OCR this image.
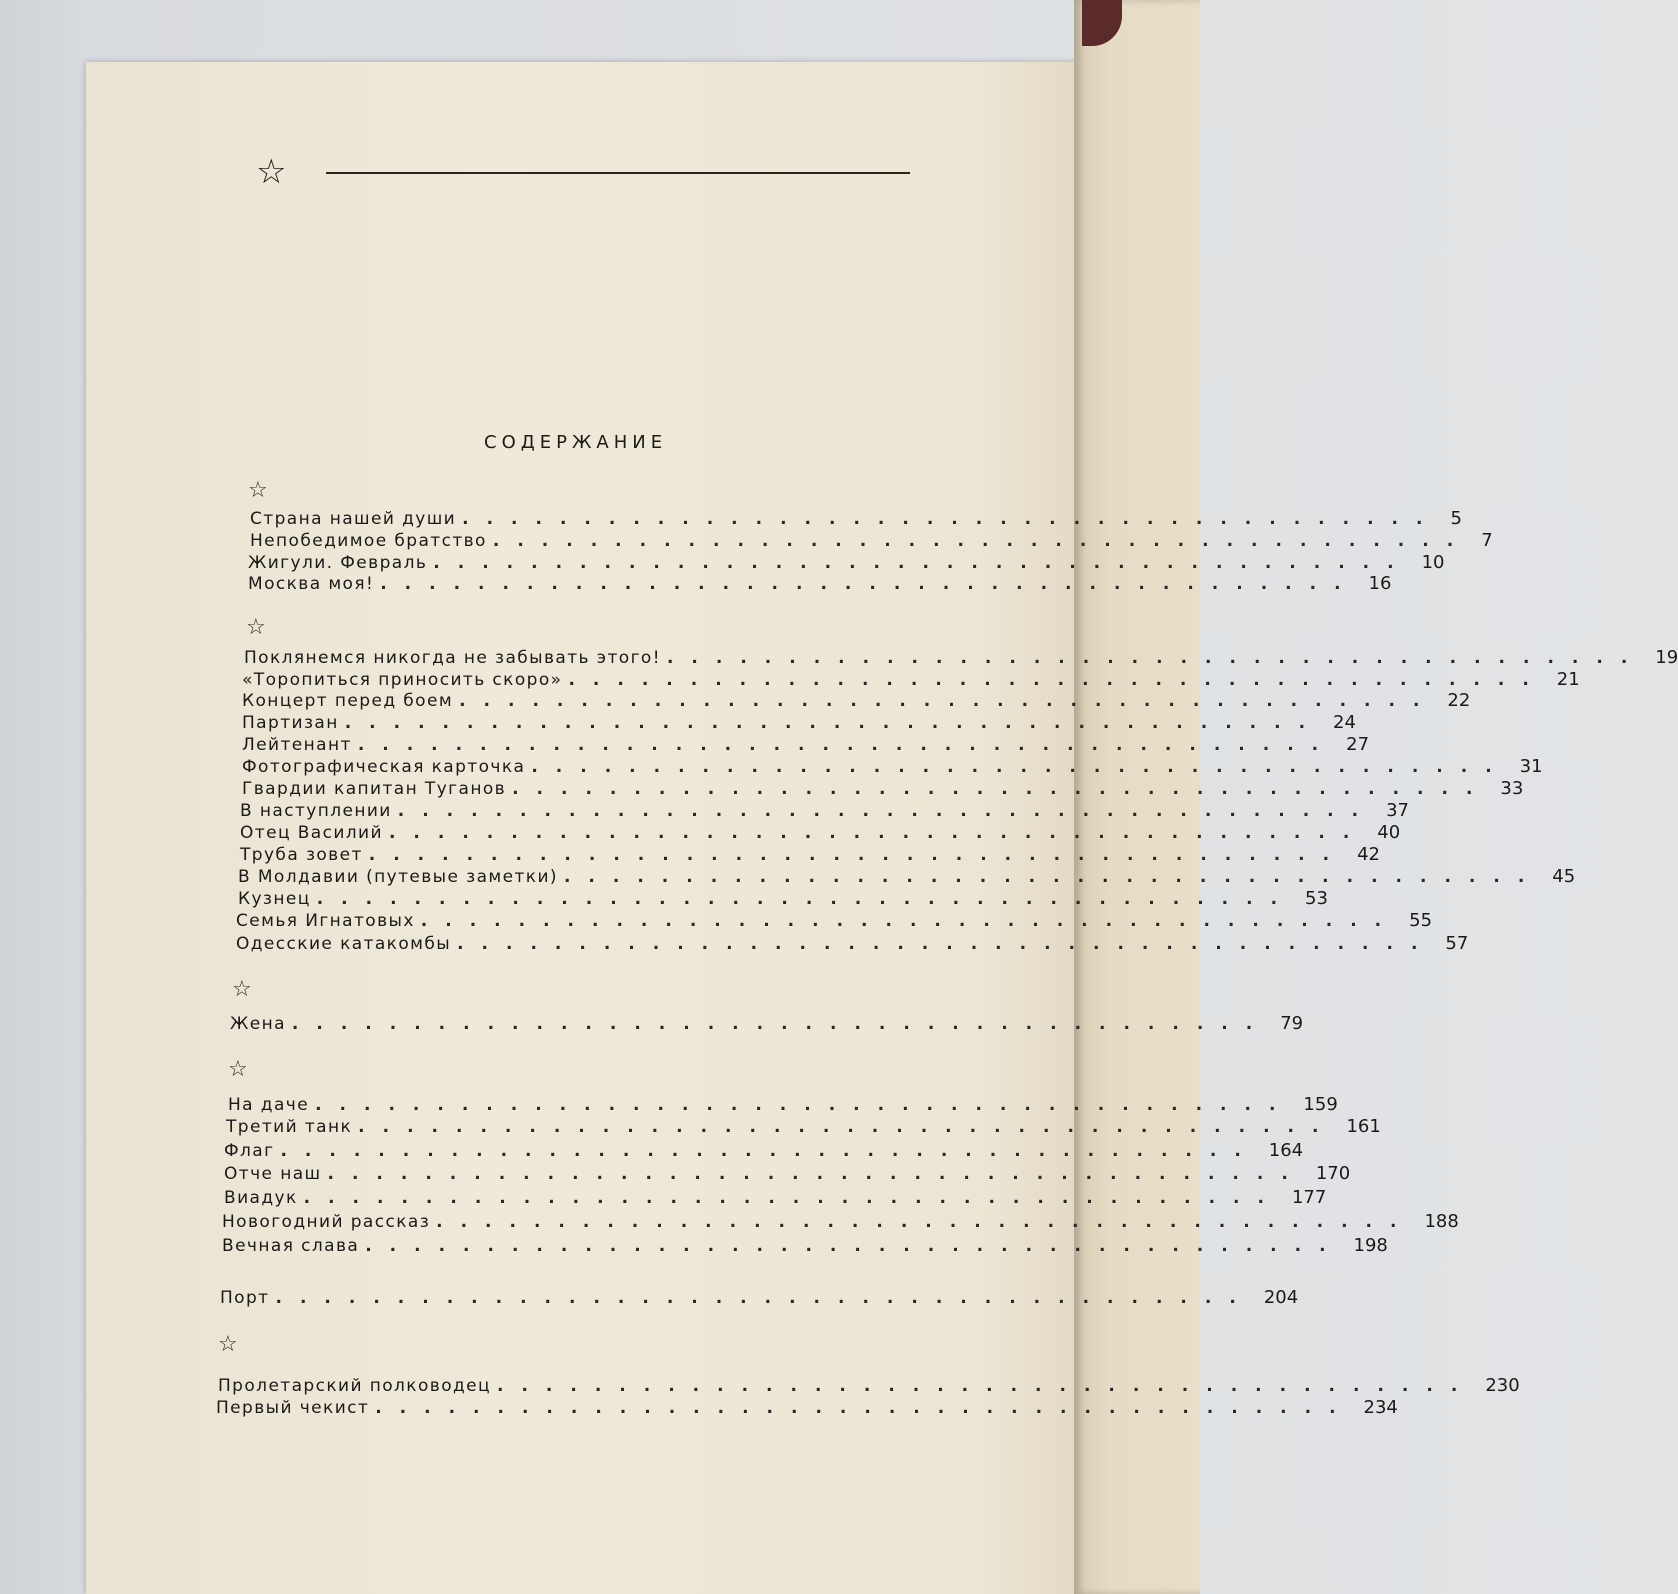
☆
СОДЕРЖАНИЕ
☆
Страна нашей души ........................................ 5
Непобедимое братство ........................................ 7
Жигули. Февраль ........................................ 10
Москва моя! ........................................ 16
☆
Поклянемся никогда не забывать этого! ........................................ 19
«Торопиться приносить скоро» ........................................ 21
Концерт перед боем ........................................ 22
Партизан ........................................ 24
Лейтенант ........................................ 27
Фотографическая карточка ........................................ 31
Гвардии капитан Туганов ........................................ 33
В наступлении ........................................ 37
Отец Василий ........................................ 40
Труба зовет ........................................ 42
В Молдавии (путевые заметки) ........................................ 45
Кузнец ........................................ 53
Семья Игнатовых ........................................ 55
Одесские катакомбы ........................................ 57
☆
Жена ........................................ 79
☆
На даче ........................................ 159
Третий танк ........................................ 161
Флаг ........................................ 164
Отче наш ........................................ 170
Виадук ........................................ 177
Новогодний рассказ ........................................ 188
Вечная слава ........................................ 198
Порт ........................................ 204
☆
Пролетарский полководец ........................................ 230
Первый чекист ........................................ 234
